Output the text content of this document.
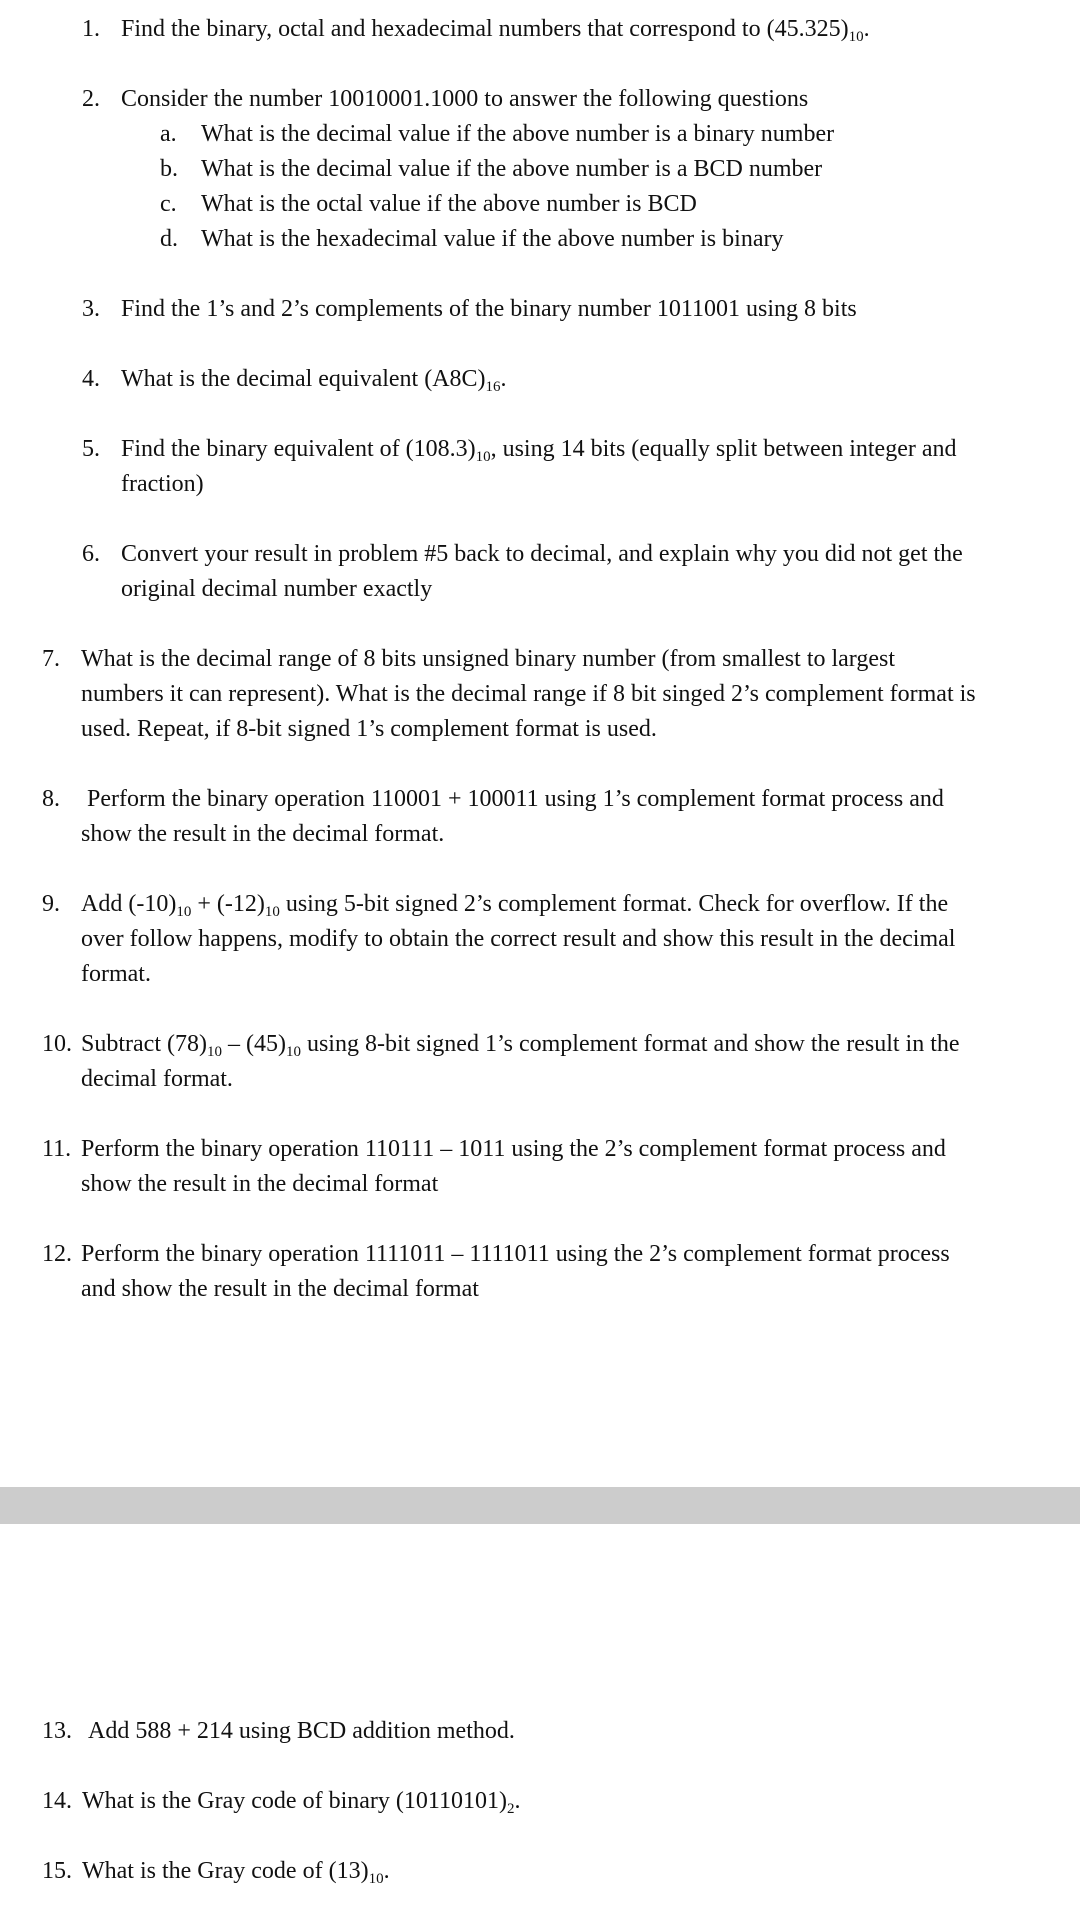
1. Find the binary, octal and hexadecimal numbers that correspond to $(45.325)_{10}$.
2. Consider the number 10010001.1000 to answer the following questions
a. What is the decimal value if the above number is a binary number
b. What is the decimal value if the above number is a BCD number
c. What is the octal value if the above number is BCD
d. What is the hexadecimal value if the above number is binary
3. Find the 1’s and 2’s complements of the binary number 1011001 using 8 bits
4. What is the decimal equivalent $(A8C)_{16}$.
5. Find the binary equivalent of $(108.3)_{10}$, using 14 bits (equally split between integer and
fraction)
6. Convert your result in problem #5 back to decimal, and explain why you did not get the
original decimal number exactly
7. What is the decimal range of 8 bits unsigned binary number (from smallest to largest
numbers it can represent). What is the decimal range if 8 bit singed 2’s complement format is
used. Repeat, if 8-bit signed 1’s complement format is used.
8. Perform the binary operation 110001 + 100011 using 1’s complement format process and
show the result in the decimal format.
9. Add $(-10)_{10} + (-12)_{10}$ using 5-bit signed 2’s complement format. Check for overflow. If the
over follow happens, modify to obtain the correct result and show this result in the decimal
format.
10. Subtract $(78)_{10} - (45)_{10}$ using 8-bit signed 1’s complement format and show the result in the
decimal format.
11. Perform the binary operation 110111 – 1011 using the 2’s complement format process and
show the result in the decimal format
12. Perform the binary operation 1111011 – 1111011 using the 2’s complement format process
and show the result in the decimal format
13. Add 588 + 214 using BCD addition method.
14. What is the Gray code of binary $(10110101)_2$.
15. What is the Gray code of $(13)_{10}$.
